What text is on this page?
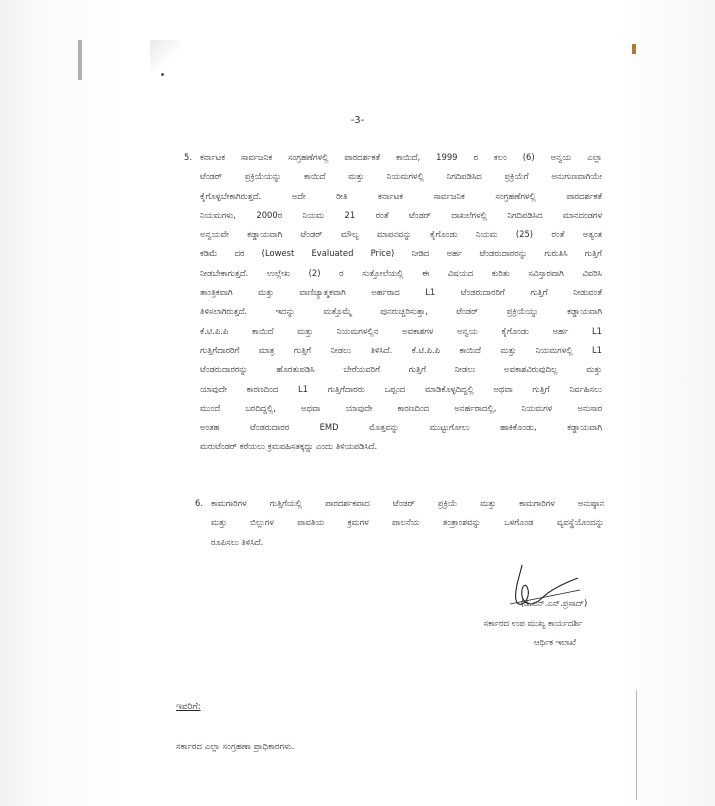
-3-
5. ಕರ್ನಾಟಕ ಸಾರ್ವಜನಿಕ ಸಂಗ್ರಹಣೆಗಳಲ್ಲಿ ಪಾರದರ್ಶಕತೆ ಕಾಯಿದೆ, 1999 ರ ಕಲಂ (6) ಅನ್ವಯ ಎಲ್ಲಾ
ಟೆಂಡರ್ ಪ್ರಕ್ರಿಯೆಯನ್ನು ಕಾಯಿದೆ ಮತ್ತು ನಿಯಮಗಳಲ್ಲಿ ನಿಗದಿಪಡಿಸಿದ ಪ್ರಕ್ರಿಯೆಗೆ ಅನುಗುಣವಾಗಿಯೇ
ಕೈಗೊಳ್ಳಬೇಕಾಗಿರುತ್ತದೆ. ಅದೇ ರೀತಿ ಕರ್ನಾಟಕ ಸಾರ್ವಜನಿಕ ಸಂಗ್ರಹಣೆಗಳಲ್ಲಿ ಪಾರದರ್ಶಕತೆ
ನಿಯಮಗಳು, 2000ರ ನಿಯಮ 21 ರಂತೆ ಟೆಂಡರ್ ದಾಖಲೆಗಳಲ್ಲಿ ನಿಗದಿಪಡಿಸಿದ ಮಾನದಂಡಗಳ
ಅನ್ವಯವೇ ಕಡ್ಡಾಯವಾಗಿ ಟೆಂಡರ್ ಮೌಲ್ಯ ಮಾಪನವನ್ನು ಕೈಗೊಂಡು ನಿಯಮ (25) ರಂತೆ ಅತ್ಯಂತ
ಕಡಿಮೆ ದರ (Lowest Evaluated Price) ನೀಡಿದ ಅರ್ಹ ಟೆಂಡರುದಾರರನ್ನು ಗುರುತಿಸಿ ಗುತ್ತಿಗೆ
ನೀಡಬೇಕಾಗುತ್ತದೆ. ಉಲ್ಲೇಖ (2) ರ ಸುತ್ತೋಲೆಯಲ್ಲಿ ಈ ವಿಷಯದ ಕುರಿತು ಸವಿಸ್ತಾರವಾಗಿ ವಿವರಿಸಿ
ತಾಂತ್ರಿಕವಾಗಿ ಮತ್ತು ವಾಣಿಜ್ಯಾತ್ಮಕವಾಗಿ ಅರ್ಹರಾದ L1 ಟೆಂಡರುದಾರರಿಗೆ ಗುತ್ತಿಗೆ ನೀಡುವಂತೆ
ತಿಳಿಸಲಾಗಿರುತ್ತದೆ. ಇದನ್ನು ಮತ್ತೊಮ್ಮೆ ಪುನರುಚ್ಚರಿಸುತ್ತಾ, ಟೆಂಡರ್ ಪ್ರಕ್ರಿಯೆಯ್ನು ಕಡ್ಡಾಯವಾಗಿ
ಕೆ.ಟಿ.ಪಿ.ಪಿ ಕಾಯಿದೆ ಮತ್ತು ನಿಯಮಗಳಲ್ಲಿನ ಅವಕಾಶಗಳ ಅನ್ವಯ ಕೈಗೊಂಡು ಅರ್ಹ L1
ಗುತ್ತಿಗೆದಾರರಿಗೆ ಮಾತ್ರ ಗುತ್ತಿಗೆ ನೀಡಲು ತಿಳಿಸಿದೆ. ಕೆ.ಟಿ.ಪಿ.ಪಿ ಕಾಯಿದೆ ಮತ್ತು ನಿಯಮಗಳಲ್ಲಿ L1
ಟೆಂಡರುದಾರರನ್ನು ಹೊರತುಪಡಿಸಿ ಬೇರೆಯವರಿಗೆ ಗುತ್ತಿಗೆ ನೀಡಲು ಅವಕಾಶವಿರುವುದಿಲ್ಲ ಮತ್ತು
ಯಾವುದೇ ಕಾರಣದಿಂದ L1 ಗುತ್ತಿಗೆದಾರರು ಒಪ್ಪಂದ ಮಾಡಿಕೊಳ್ಳದಿದ್ದಲ್ಲಿ ಅಥವಾ ಗುತ್ತಿಗೆ ನಿರ್ವಹಿಸಲು
ಮುಂದೆ ಬರದಿದ್ದಲ್ಲಿ, ಅಥವಾ ಯಾವುದೇ ಕಾರಣದಿಂದ ಅನರ್ಹರಾದಲ್ಲಿ, ನಿಯಮಗಳ ಅನುಸಾರ
ಅಂತಹ ಟೆಂಡರುದಾರರ EMD ಮೊತ್ತವನ್ನು ಮುಟ್ಟುಗೋಲು ಹಾಕಿಕೊಂಡು, ಕಡ್ಡಾಯವಾಗಿ
ಮರುಟೆಂಡರ್ ಕರೆಯಲು ಕ್ರಮವಹಿಸತಕ್ಕದ್ದು ಎಂದು ತಿಳಿಯಪಡಿಸಿದೆ.
6. ಕಾಮಗಾರಿಗಳ ಗುತ್ತಿಗೆಯಲ್ಲಿ ಪಾರದರ್ಶಕವಾದ ಟೆಂಡರ್ ಪ್ರಕ್ರಿಯೆ ಮತ್ತು ಕಾಮಗಾರಿಗಳ ಅನುಷ್ಠಾನ
ಮತ್ತು ಬಿಲ್ಲುಗಳ ಪಾವತಿಯ ಕ್ರಮಗಳ ಪಾಲನೆಯ ತಂತ್ರಾಂಶವನ್ನು ಒಳಗೊಂಡ ವ್ಯವಸ್ಥೆಯೊಂದನ್ನು
ರೂಪಿಸಲು ತಿಳಿಸಿದೆ.
(ಡಿ.ಎನ್.ಎನ್.ಪ್ರಸಾದ್)
ಸರ್ಕಾರದ ಉಪ ಮುಖ್ಯ ಕಾರ್ಯದರ್ಶಿ
ಆರ್ಥಿಕ ಇಲಾಖೆ
ಇವರಿಗೆ:
ಸರ್ಕಾರದ ಎಲ್ಲಾ ಸಂಗ್ರಹಣಾ ಪ್ರಾಧಿಕಾರಗಳು.
